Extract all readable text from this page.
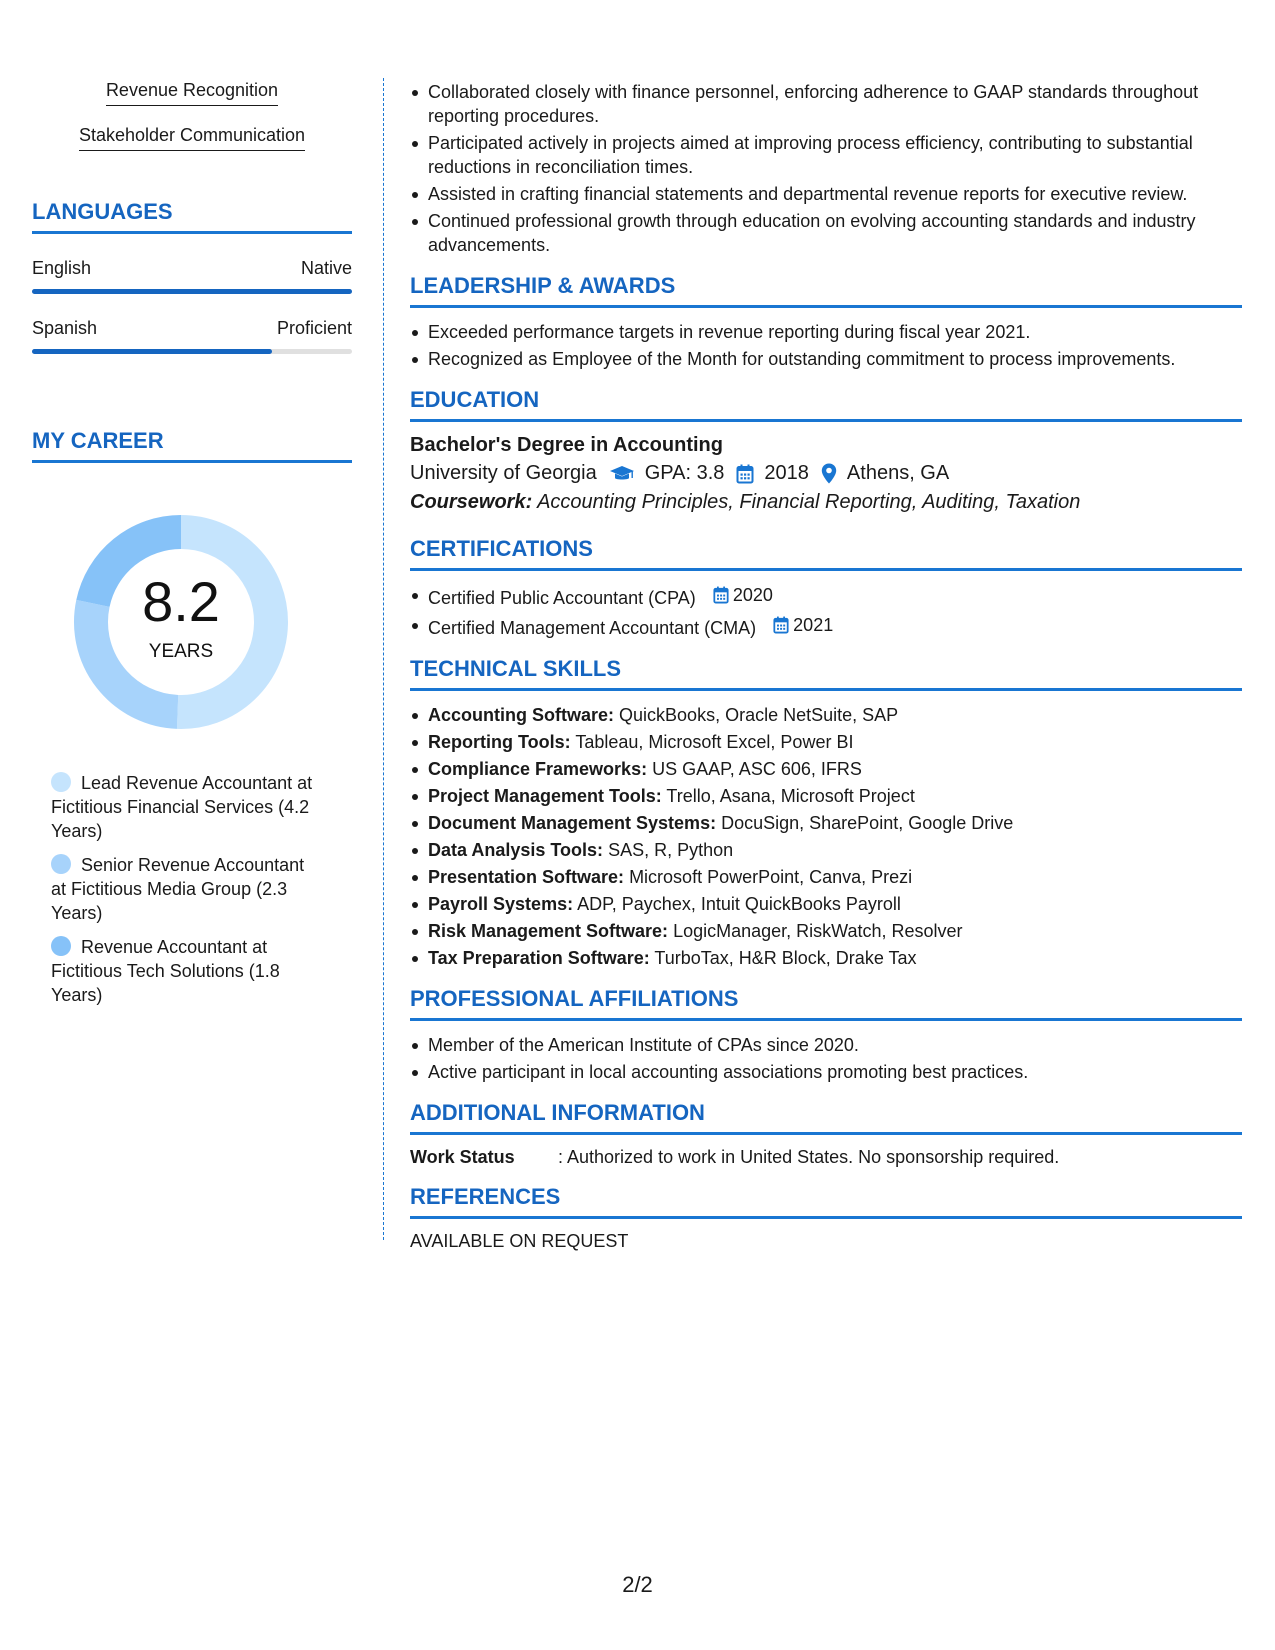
Revenue Recognition
Stakeholder Communication
LANGUAGES
English	Native
Spanish	Proficient
MY CAREER
8.2
YEARS
Lead Revenue Accountant at Fictitious Financial Services (4.2 Years)
Senior Revenue Accountant at Fictitious Media Group (2.3 Years)
Revenue Accountant at Fictitious Tech Solutions (1.8 Years)
Collaborated closely with finance personnel, enforcing adherence to GAAP standards throughout reporting procedures.
Participated actively in projects aimed at improving process efficiency, contributing to substantial reductions in reconciliation times.
Assisted in crafting financial statements and departmental revenue reports for executive review.
Continued professional growth through education on evolving accounting standards and industry advancements.
LEADERSHIP & AWARDS
Exceeded performance targets in revenue reporting during fiscal year 2021.
Recognized as Employee of the Month for outstanding commitment to process improvements.
EDUCATION
Bachelor's Degree in Accounting
University of Georgia GPA: 3.8 2018 Athens, GA
Coursework: Accounting Principles, Financial Reporting, Auditing, Taxation
CERTIFICATIONS
Certified Public Accountant (CPA) 2020
Certified Management Accountant (CMA) 2021
TECHNICAL SKILLS
Accounting Software: QuickBooks, Oracle NetSuite, SAP
Reporting Tools: Tableau, Microsoft Excel, Power BI
Compliance Frameworks: US GAAP, ASC 606, IFRS
Project Management Tools: Trello, Asana, Microsoft Project
Document Management Systems: DocuSign, SharePoint, Google Drive
Data Analysis Tools: SAS, R, Python
Presentation Software: Microsoft PowerPoint, Canva, Prezi
Payroll Systems: ADP, Paychex, Intuit QuickBooks Payroll
Risk Management Software: LogicManager, RiskWatch, Resolver
Tax Preparation Software: TurboTax, H&R Block, Drake Tax
PROFESSIONAL AFFILIATIONS
Member of the American Institute of CPAs since 2020.
Active participant in local accounting associations promoting best practices.
ADDITIONAL INFORMATION
Work Status	: Authorized to work in United States. No sponsorship required.
REFERENCES
AVAILABLE ON REQUEST
2/2
